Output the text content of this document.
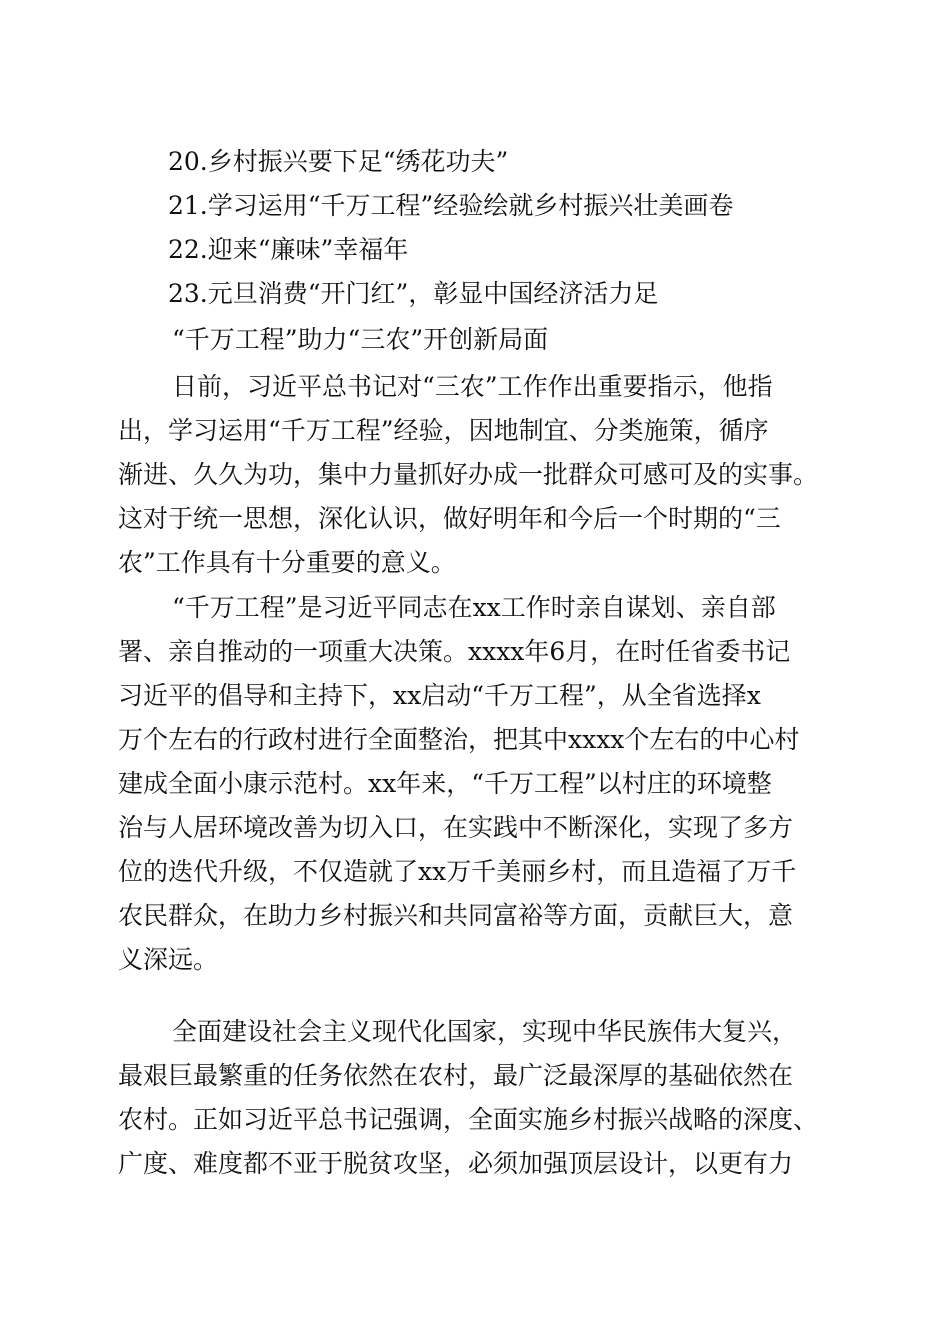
20.乡村振兴要下足“绣花功夫”
21.学习运用“千万工程”经验绘就乡村振兴壮美画卷
22.迎来“廉味”幸福年
23.元旦消费“开门红”，彰显中国经济活力足
“千万工程”助力“三农”开创新局面
日前，习近平总书记对“三农”工作作出重要指示，他指
出，学习运用“千万工程”经验，因地制宜、分类施策，循序
渐进、久久为功，集中力量抓好办成一批群众可感可及的实事。
这对于统一思想，深化认识，做好明年和今后一个时期的“三
农”工作具有十分重要的意义。
“千万工程”是习近平同志在xx工作时亲自谋划、亲自部
署、亲自推动的一项重大决策。xxxx年6月，在时任省委书记
习近平的倡导和主持下，xx启动“千万工程”，从全省选择x
万个左右的行政村进行全面整治，把其中xxxx个左右的中心村
建成全面小康示范村。xx年来，“千万工程”以村庄的环境整
治与人居环境改善为切入口，在实践中不断深化，实现了多方
位的迭代升级，不仅造就了xx万千美丽乡村，而且造福了万千
农民群众，在助力乡村振兴和共同富裕等方面，贡献巨大，意
义深远。
全面建设社会主义现代化国家，实现中华民族伟大复兴，
最艰巨最繁重的任务依然在农村，最广泛最深厚的基础依然在
农村。正如习近平总书记强调，全面实施乡村振兴战略的深度、
广度、难度都不亚于脱贫攻坚，必须加强顶层设计，以更有力
